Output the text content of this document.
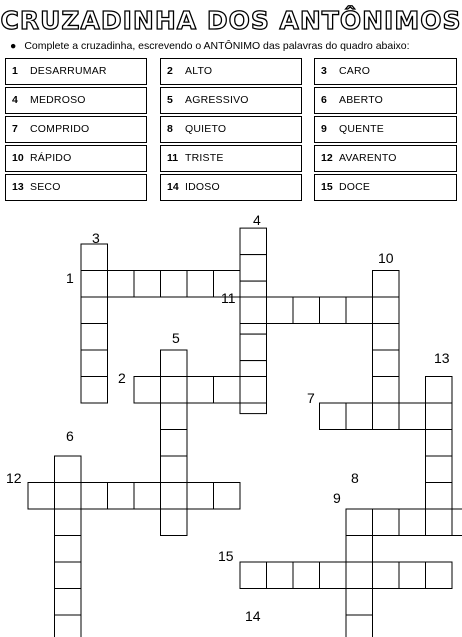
CRUZADINHA DOS ANTÔNIMOS
● Complete a cruzadinha, escrevendo o ANTÔNIMO das palavras do quadro abaixo:
1 DESARRUMAR	2 ALTO	3 CARO
4 MEDROSO	5 AGRESSIVO	6 ABERTO
7 COMPRIDO	8 QUIETO	9 QUENTE
10 RÁPIDO	11 TRISTE	12 AVARENTO
13 SECO	14 IDOSO	15 DOCE
1
2
3
4
5
6
7
8
9
10
11
12
13
14
15
